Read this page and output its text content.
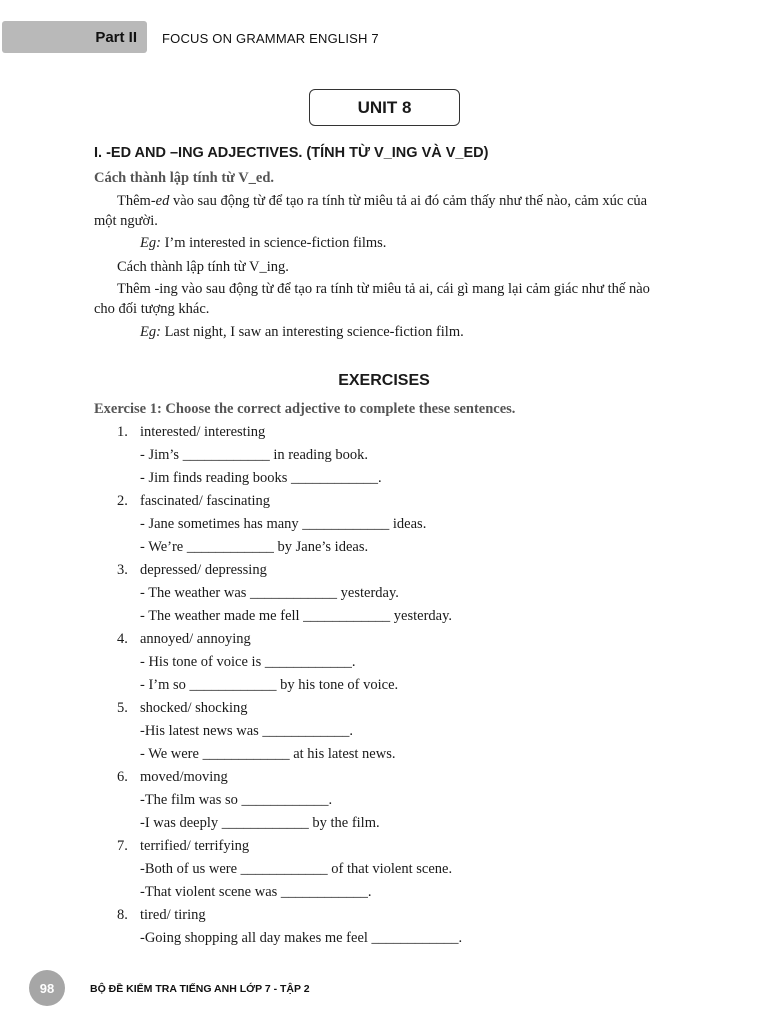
Part II FOCUS ON GRAMMAR ENGLISH 7
UNIT 8
I. -ED AND –ING ADJECTIVES. (TÍNH TỪ V_ING VÀ V_ED)
Cách thành lập tính từ V_ed.
Thêm-ed vào sau động từ để tạo ra tính từ miêu tả ai đó cảm thấy như thế nào, cảm xúc của
một người.
Eg: I’m interested in science-fiction films.
Cách thành lập tính từ V_ing.
Thêm -ing vào sau động từ để tạo ra tính từ miêu tả ai, cái gì mang lại cảm giác như thế nào
cho đối tượng khác.
Eg: Last night, I saw an interesting science-fiction film.
EXERCISES
Exercise 1: Choose the correct adjective to complete these sentences.
1. interested/ interesting
- Jim’s ____________ in reading book.
- Jim finds reading books ____________.
2. fascinated/ fascinating
- Jane sometimes has many ____________ ideas.
- We’re ____________ by Jane’s ideas.
3. depressed/ depressing
- The weather was ____________ yesterday.
- The weather made me fell ____________ yesterday.
4. annoyed/ annoying
- His tone of voice is ____________.
- I’m so ____________ by his tone of voice.
5. shocked/ shocking
-His latest news was ____________.
- We were ____________ at his latest news.
6. moved/moving
-The film was so ____________.
-I was deeply ____________ by the film.
7. terrified/ terrifying
-Both of us were ____________ of that violent scene.
-That violent scene was ____________.
8. tired/ tiring
-Going shopping all day makes me feel ____________.
98	BỘ ĐỀ KIỂM TRA TIẾNG ANH LỚP 7 - TẬP 2
